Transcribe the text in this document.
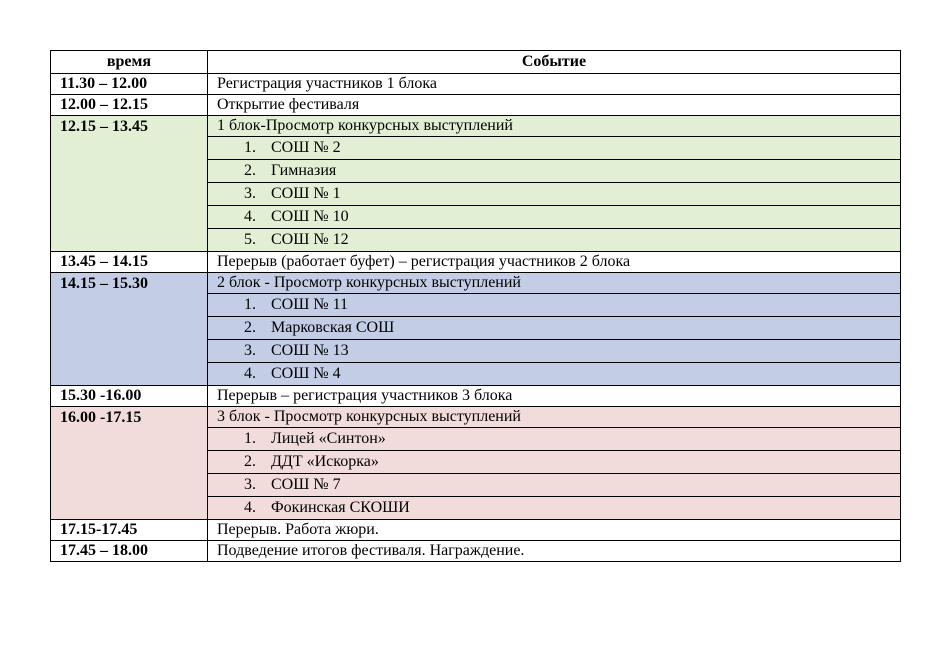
время	Событие
11.30 – 12.00	Регистрация участников 1 блока
12.00 – 12.15	Открытие фестиваля
12.15 – 13.45	1 блок-Просмотр конкурсных выступлений
	1. СОШ № 2
	2. Гимназия
	3. СОШ № 1
	4. СОШ № 10
	5. СОШ № 12
13.45 – 14.15	Перерыв (работает буфет) – регистрация участников 2 блока
14.15 – 15.30	2 блок - Просмотр конкурсных выступлений
	1. СОШ № 11
	2. Марковская СОШ
	3. СОШ № 13
	4. СОШ № 4
15.30 -16.00	Перерыв – регистрация участников 3 блока
16.00 -17.15	3 блок - Просмотр конкурсных выступлений
	1. Лицей «Синтон»
	2. ДДТ «Искорка»
	3. СОШ № 7
	4. Фокинская СКОШИ
17.15-17.45	Перерыв. Работа жюри.
17.45 – 18.00	Подведение итогов фестиваля. Награждение.
